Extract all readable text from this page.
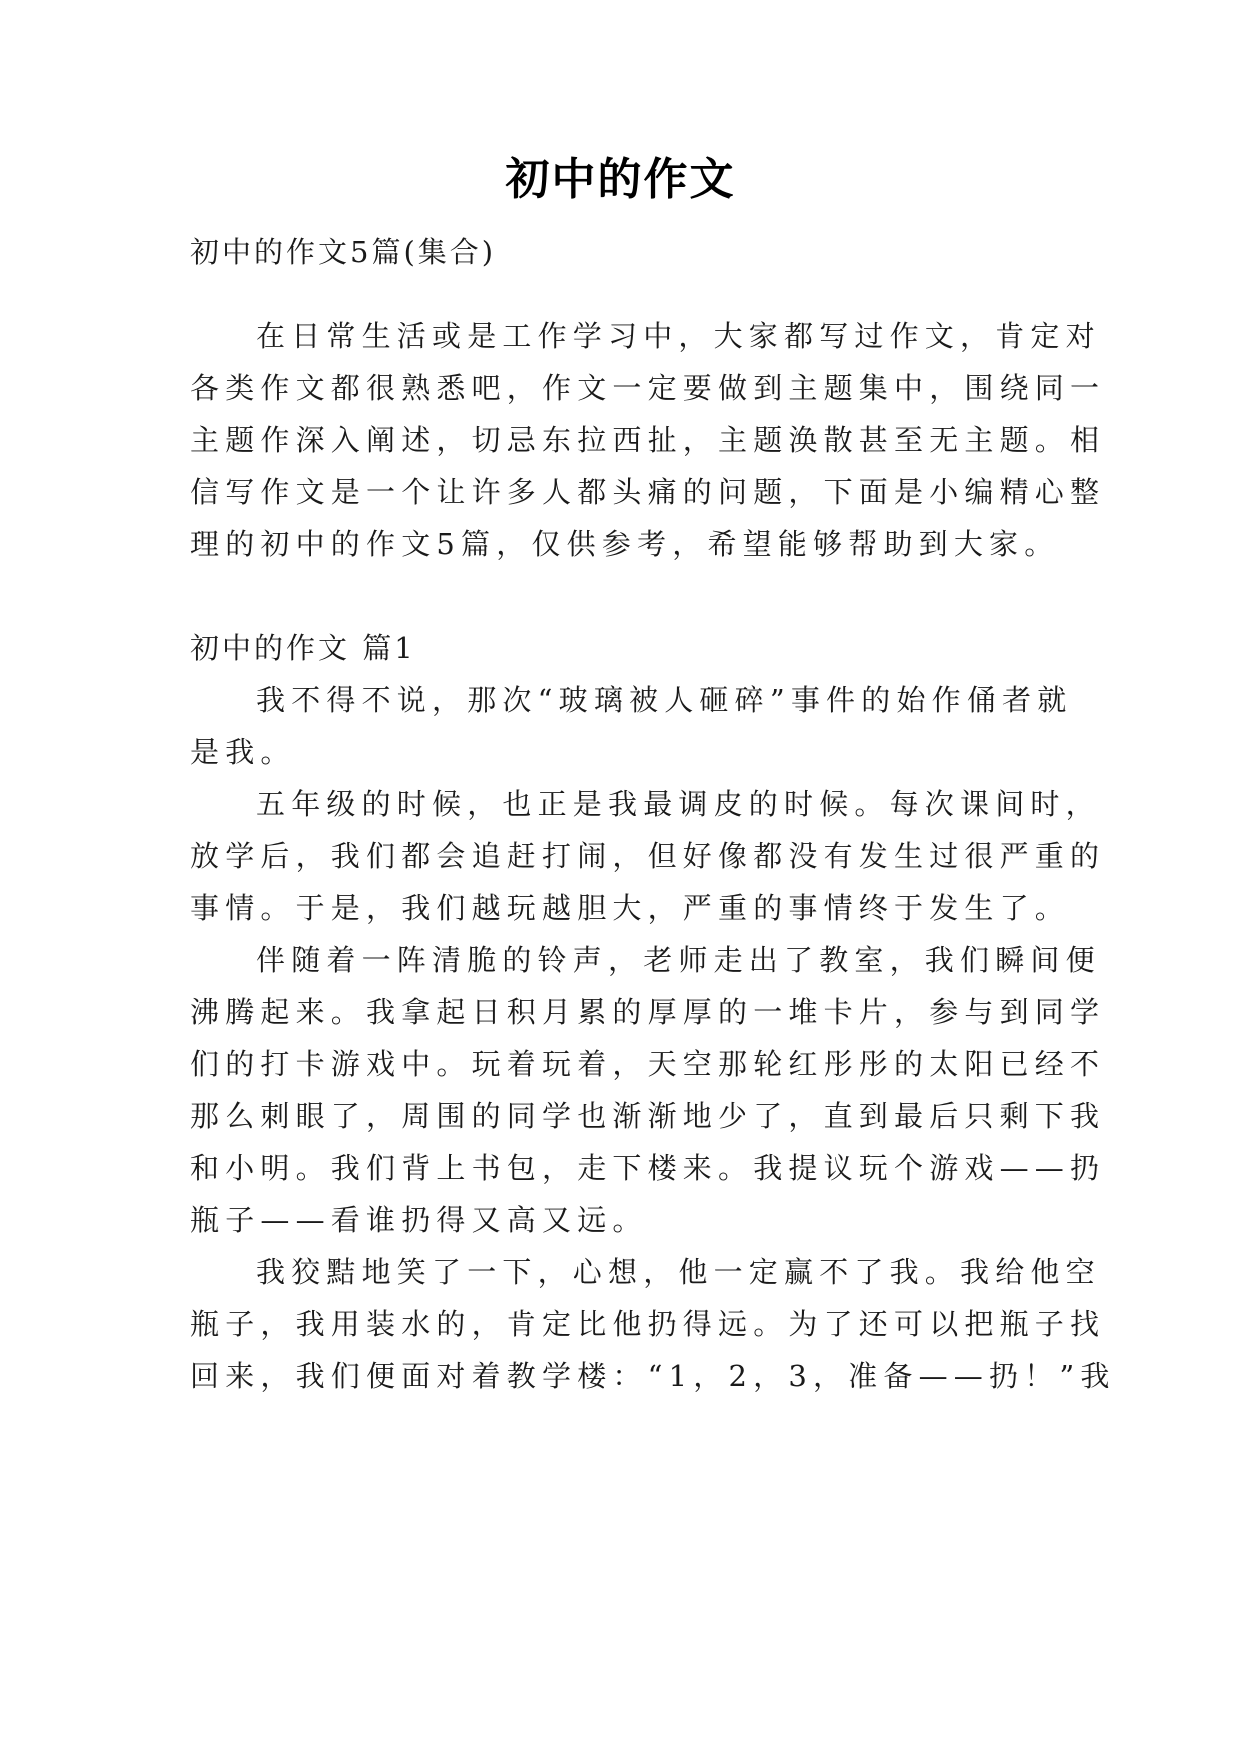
初中的作文
初中的作文5篇(集合)
在日常生活或是工作学习中，大家都写过作文，肯定对
各类作文都很熟悉吧，作文一定要做到主题集中，围绕同一
主题作深入阐述，切忌东拉西扯，主题涣散甚至无主题。相
信写作文是一个让许多人都头痛的问题，下面是小编精心整
理的初中的作文5篇，仅供参考，希望能够帮助到大家。
初中的作文 篇1
我不得不说，那次“玻璃被人砸碎”事件的始作俑者就
是我。
五年级的时候，也正是我最调皮的时候。每次课间时，
放学后，我们都会追赶打闹，但好像都没有发生过很严重的
事情。于是，我们越玩越胆大，严重的事情终于发生了。
伴随着一阵清脆的铃声，老师走出了教室，我们瞬间便
沸腾起来。我拿起日积月累的厚厚的一堆卡片，参与到同学
们的打卡游戏中。玩着玩着，天空那轮红彤彤的太阳已经不
那么刺眼了，周围的同学也渐渐地少了，直到最后只剩下我
和小明。我们背上书包，走下楼来。我提议玩个游戏——扔
瓶子——看谁扔得又高又远。
我狡黠地笑了一下，心想，他一定赢不了我。我给他空
瓶子，我用装水的，肯定比他扔得远。为了还可以把瓶子找
回来，我们便面对着教学楼：“1，2，3，准备——扔！”我
